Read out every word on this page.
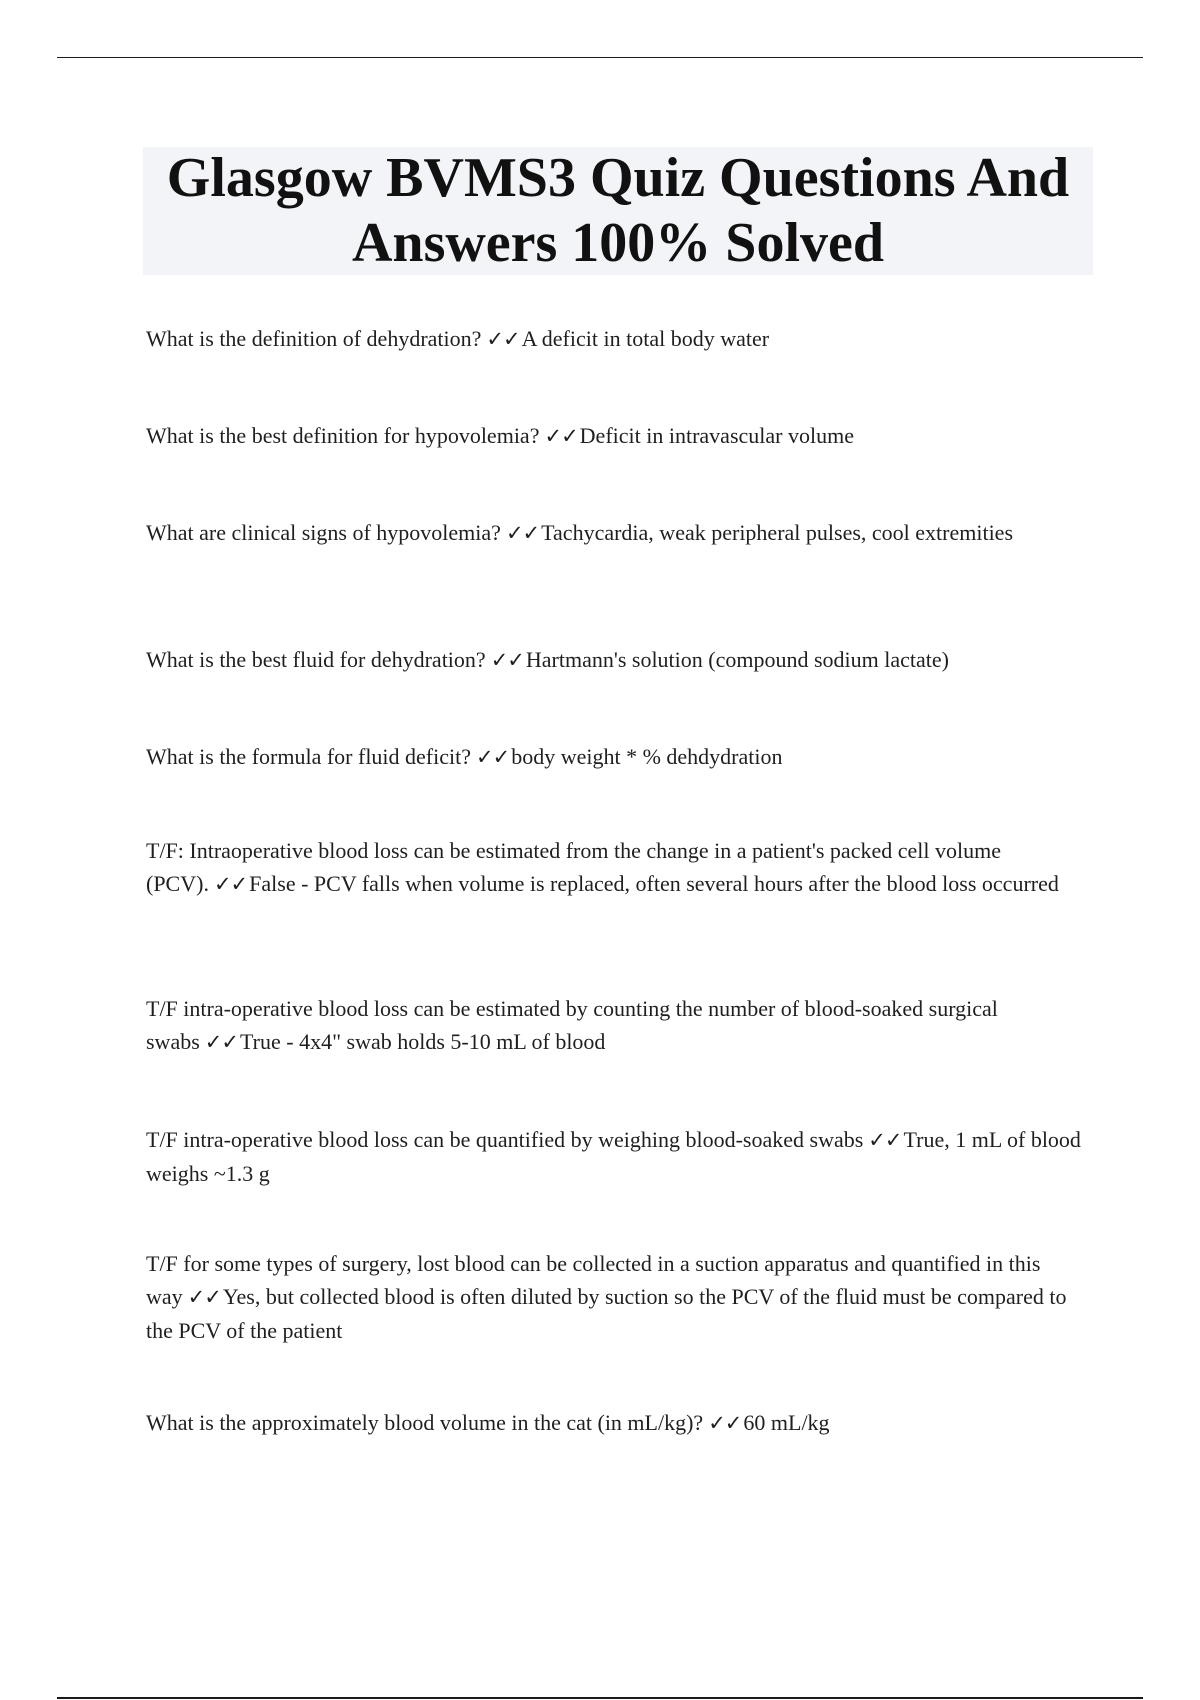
Glasgow BVMS3 Quiz Questions And Answers 100% Solved

What is the definition of dehydration? ✓✓A deficit in total body water

What is the best definition for hypovolemia? ✓✓Deficit in intravascular volume

What are clinical signs of hypovolemia? ✓✓Tachycardia, weak peripheral pulses, cool extremities

What is the best fluid for dehydration? ✓✓Hartmann's solution (compound sodium lactate)

What is the formula for fluid deficit? ✓✓body weight * % dehdydration

T/F: Intraoperative blood loss can be estimated from the change in a patient's packed cell volume (PCV). ✓✓False - PCV falls when volume is replaced, often several hours after the blood loss occurred

T/F intra-operative blood loss can be estimated by counting the number of blood-soaked surgical swabs ✓✓True - 4x4" swab holds 5-10 mL of blood

T/F intra-operative blood loss can be quantified by weighing blood-soaked swabs ✓✓True, 1 mL of blood weighs ~1.3 g

T/F for some types of surgery, lost blood can be collected in a suction apparatus and quantified in this way ✓✓Yes, but collected blood is often diluted by suction so the PCV of the fluid must be compared to the PCV of the patient

What is the approximately blood volume in the cat (in mL/kg)? ✓✓60 mL/kg
